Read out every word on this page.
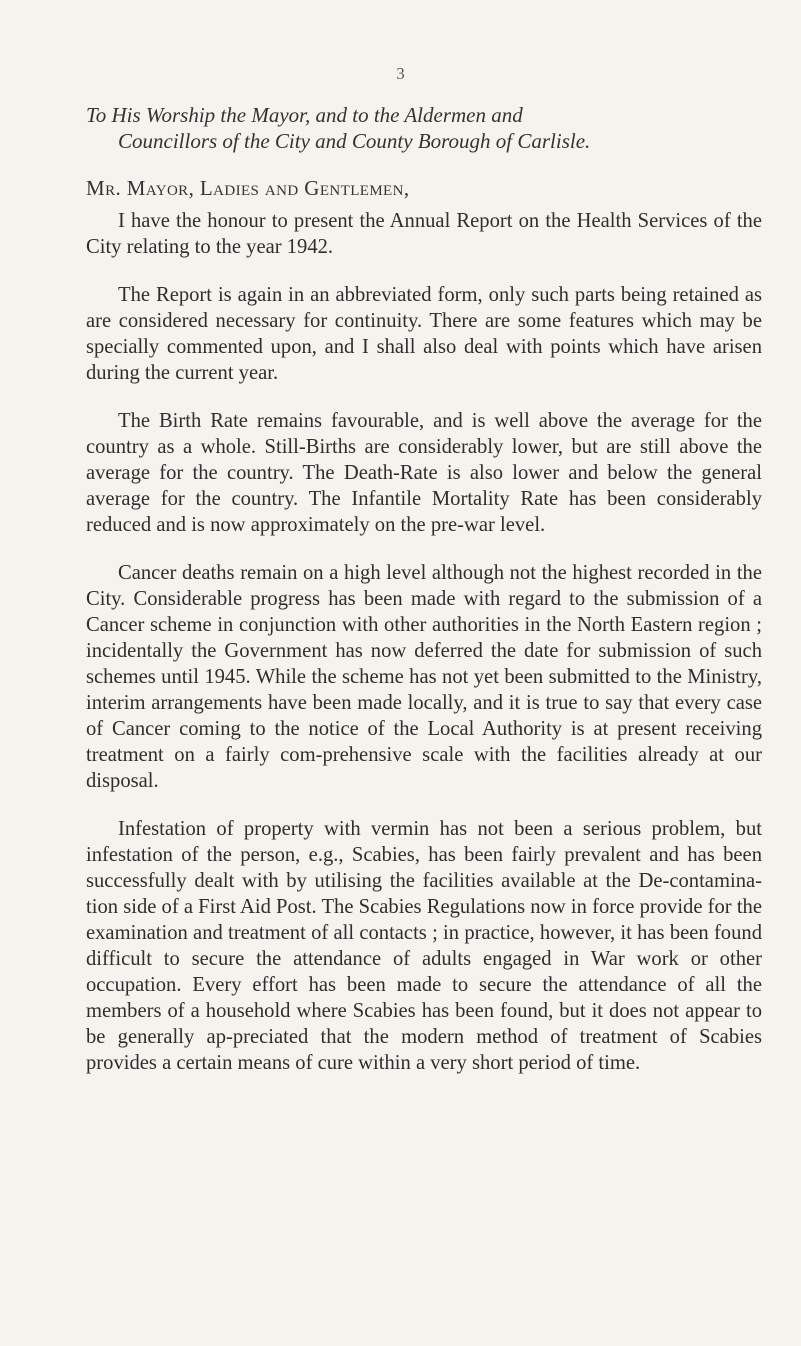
3
To His Worship the Mayor, and to the Aldermen and
Councillors of the City and County Borough of Carlisle.
Mr. Mayor, Ladies and Gentlemen,

I have the honour to present the Annual Report on the Health Services of the City relating to the year 1942.

The Report is again in an abbreviated form, only such parts being retained as are considered necessary for continuity. There are some features which may be specially commented upon, and I shall also deal with points which have arisen during the current year.

The Birth Rate remains favourable, and is well above the average for the country as a whole. Still-Births are considerably lower, but are still above the average for the country. The Death-Rate is also lower and below the general average for the country. The Infantile Mortality Rate has been considerably reduced and is now approximately on the pre-war level.

Cancer deaths remain on a high level although not the highest recorded in the City. Considerable progress has been made with regard to the submission of a Cancer scheme in conjunction with other authorities in the North Eastern region ; incidentally the Government has now deferred the date for submission of such schemes until 1945. While the scheme has not yet been submitted to the Ministry, interim arrangements have been made locally, and it is true to say that every case of Cancer coming to the notice of the Local Authority is at present receiving treatment on a fairly com-prehensive scale with the facilities already at our disposal.

Infestation of property with vermin has not been a serious problem, but infestation of the person, e.g., Scabies, has been fairly prevalent and has been successfully dealt with by utilising the facilities available at the De-contamina-tion side of a First Aid Post. The Scabies Regulations now in force provide for the examination and treatment of all contacts ; in practice, however, it has been found difficult to secure the attendance of adults engaged in War work or other occupation. Every effort has been made to secure the attendance of all the members of a household where Scabies has been found, but it does not appear to be generally ap-preciated that the modern method of treatment of Scabies provides a certain means of cure within a very short period of time.
